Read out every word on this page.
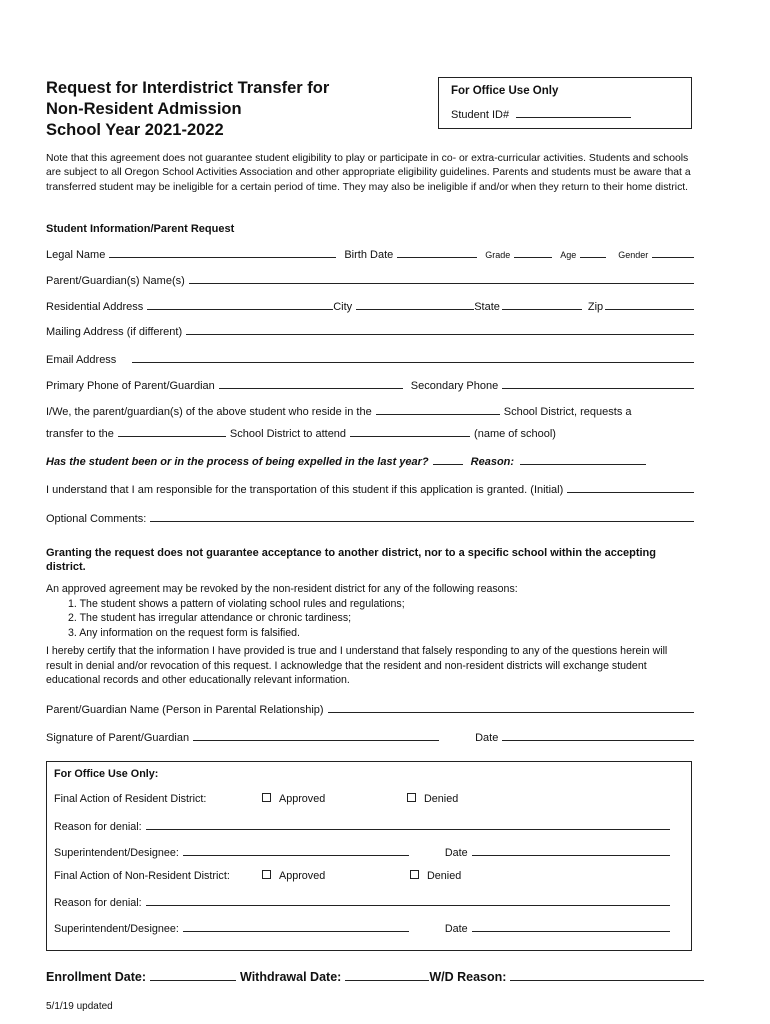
Request for Interdistrict Transfer for
Non-Resident Admission
School Year 2021-2022
For Office Use Only
Student ID#
Note that this agreement does not guarantee student eligibility to play or participate in co- or extra-curricular activities. Students and schools are subject to all Oregon School Activities Association and other appropriate eligibility guidelines. Parents and students must be aware that a transferred student may be ineligible for a certain period of time. They may also be ineligible if and/or when they return to their home district.
Student Information/Parent Request
Legal Name	Birth Date	Grade	Age	Gender
Parent/Guardian(s) Name(s)
Residential Address	City	State	Zip
Mailing Address (if different)
Email Address
Primary Phone of Parent/Guardian	Secondary Phone
I/We, the parent/guardian(s) of the above student who reside in the	School District, requests a
transfer to the	School District to attend	(name of school)
Has the student been or in the process of being expelled in the last year?	Reason:
I understand that I am responsible for the transportation of this student if this application is granted. (Initial)
Optional Comments:
Granting the request does not guarantee acceptance to another district, nor to a specific school within the accepting district.
An approved agreement may be revoked by the non-resident district for any of the following reasons:
1. The student shows a pattern of violating school rules and regulations;
2. The student has irregular attendance or chronic tardiness;
3. Any information on the request form is falsified.
I hereby certify that the information I have provided is true and I understand that falsely responding to any of the questions herein will result in denial and/or revocation of this request. I acknowledge that the resident and non-resident districts will exchange student educational records and other educationally relevant information.
Parent/Guardian Name (Person in Parental Relationship)
Signature of Parent/Guardian	Date
For Office Use Only:
Final Action of Resident District:	Approved	Denied
Reason for denial:
Superintendent/Designee:	Date
Final Action of Non-Resident District:	Approved	Denied
Reason for denial:
Superintendent/Designee:	Date
Enrollment Date:	Withdrawal Date:	W/D Reason:
5/1/19 updated
